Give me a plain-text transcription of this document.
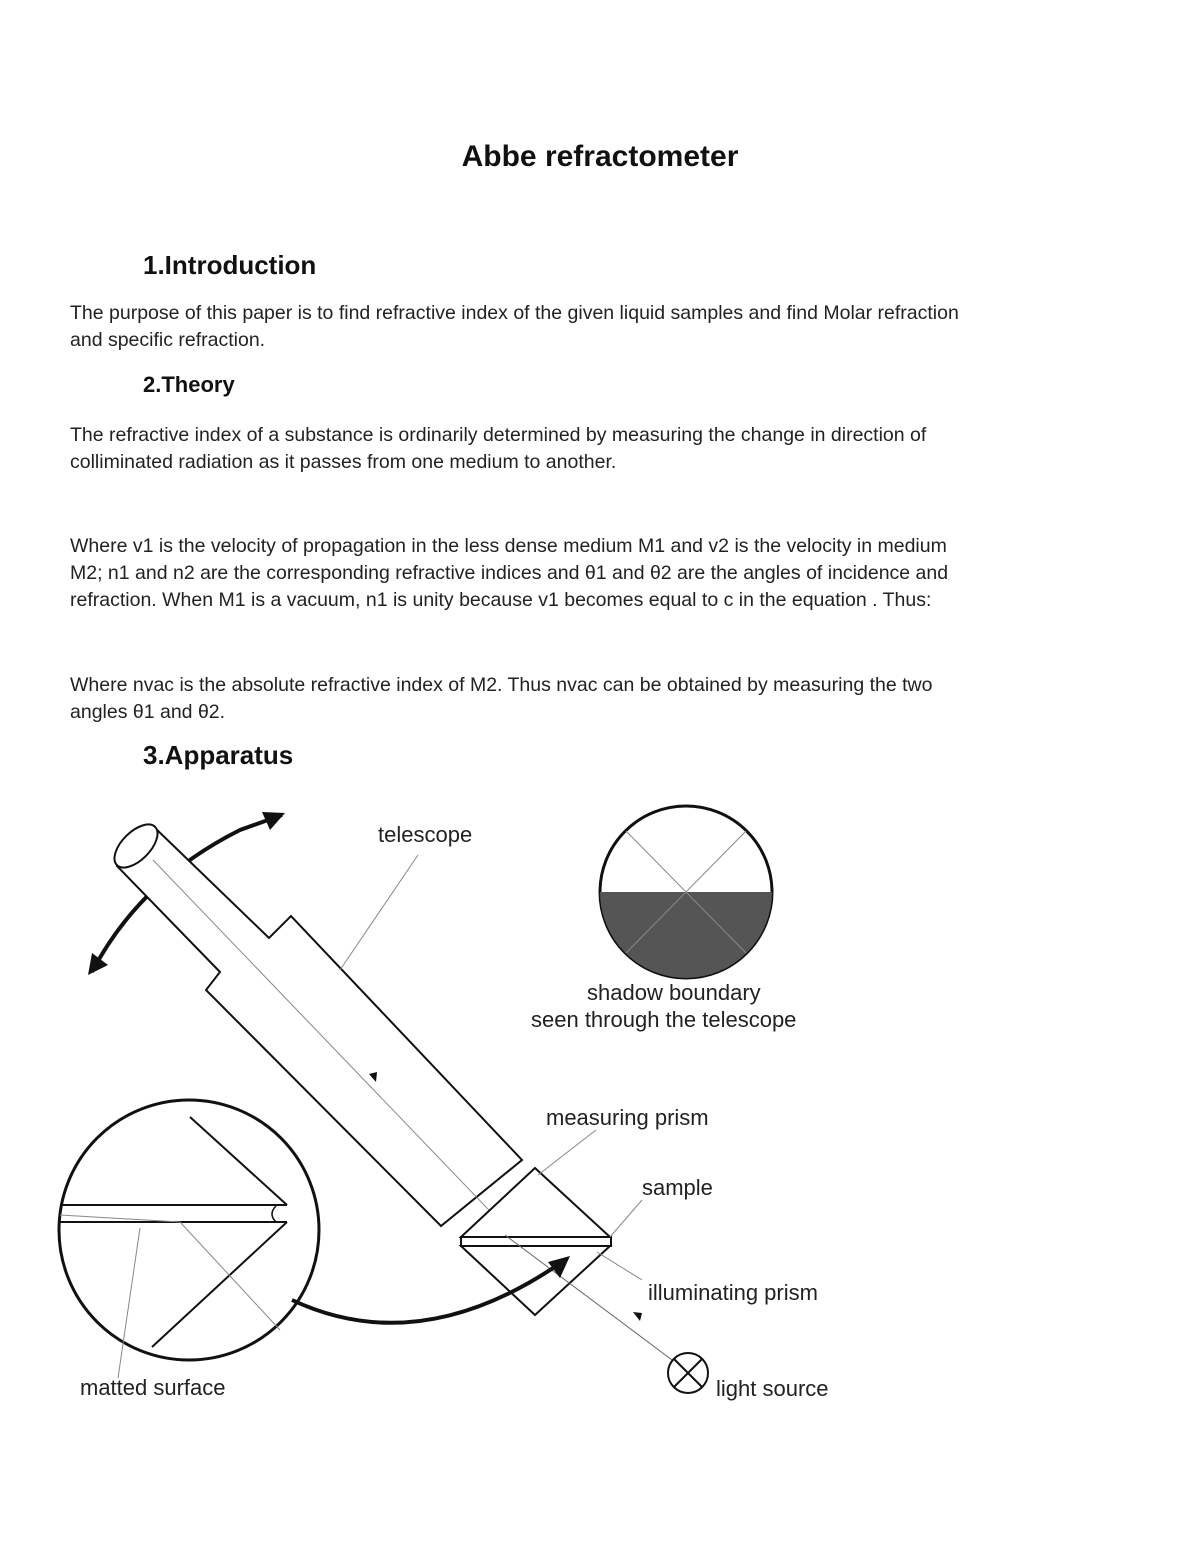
Abbe refractometer
1.Introduction
The purpose of this paper is to find refractive index of the given liquid samples and find Molar refraction
and specific refraction.
2.Theory
The refractive index of a substance is ordinarily determined by measuring the change in direction of
colliminated radiation as it passes from one medium to another.
Where v1 is the velocity of propagation in the less dense medium M1 and v2 is the velocity in medium
M2; n1 and n2 are the corresponding refractive indices and θ1 and θ2 are the angles of incidence and
refraction. When M1 is a vacuum, n1 is unity because v1 becomes equal to c in the equation . Thus:
Where nvac is the absolute refractive index of M2. Thus nvac can be obtained by measuring the two
angles θ1 and θ2.
3.Apparatus
telescope
shadow boundary
seen through the telescope
measuring prism
sample
illuminating prism
light source
matted surface
